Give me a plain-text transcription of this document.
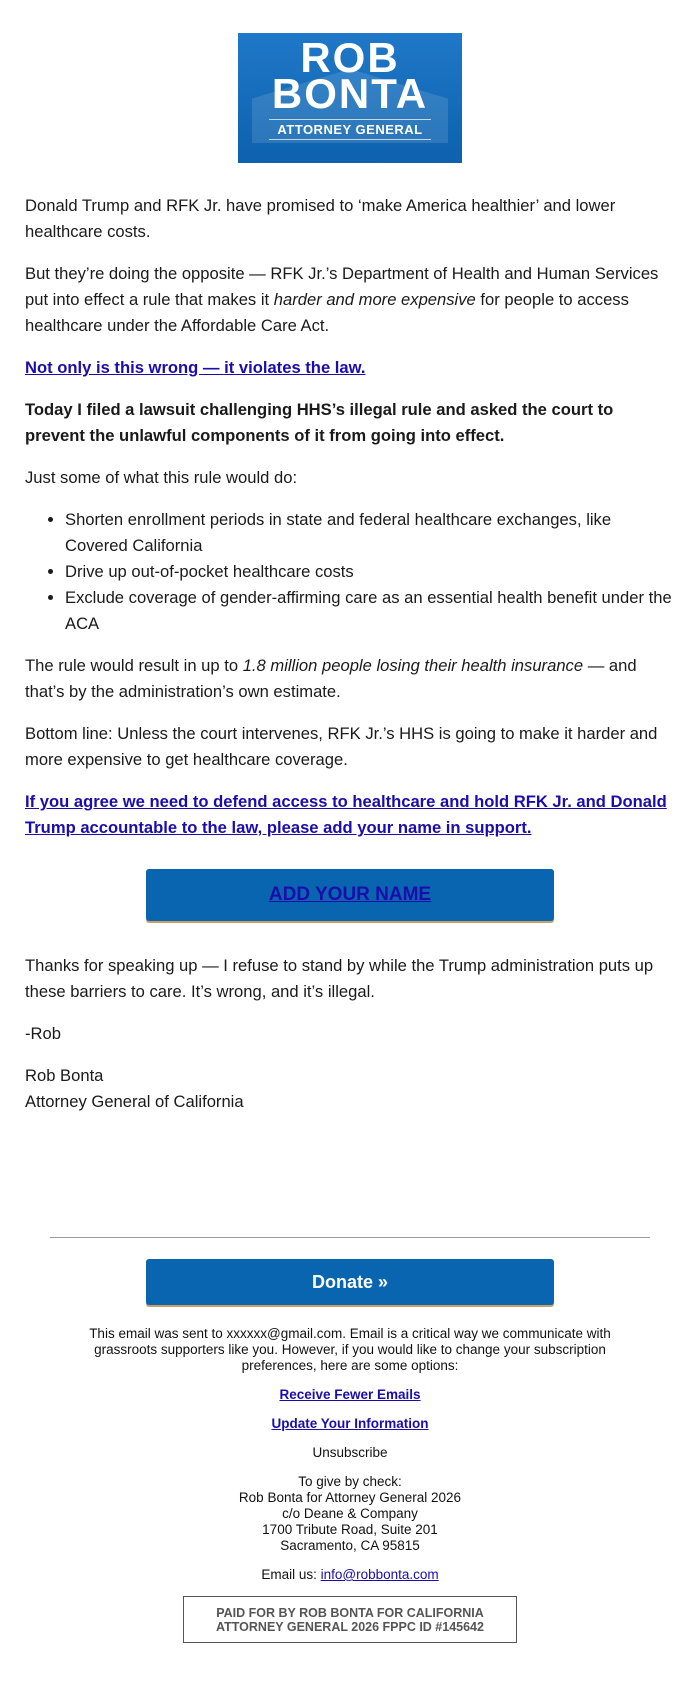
ROB
BONTA
ATTORNEY GENERAL

Donald Trump and RFK Jr. have promised to ‘make America healthier’ and lower healthcare costs.

But they’re doing the opposite — RFK Jr.’s Department of Health and Human Services put into effect a rule that makes it harder and more expensive for people to access healthcare under the Affordable Care Act.

Not only is this wrong — it violates the law.

Today I filed a lawsuit challenging HHS’s illegal rule and asked the court to prevent the unlawful components of it from going into effect.

Just some of what this rule would do:

• Shorten enrollment periods in state and federal healthcare exchanges, like Covered California
• Drive up out-of-pocket healthcare costs
• Exclude coverage of gender-affirming care as an essential health benefit under the ACA

The rule would result in up to 1.8 million people losing their health insurance — and that’s by the administration’s own estimate.

Bottom line: Unless the court intervenes, RFK Jr.’s HHS is going to make it harder and more expensive to get healthcare coverage.

If you agree we need to defend access to healthcare and hold RFK Jr. and Donald Trump accountable to the law, please add your name in support.

ADD YOUR NAME

Thanks for speaking up — I refuse to stand by while the Trump administration puts up these barriers to care. It’s wrong, and it’s illegal.

-Rob

Rob Bonta
Attorney General of California

Donate »

This email was sent to xxxxxx@gmail.com. Email is a critical way we communicate with grassroots supporters like you. However, if you would like to change your subscription preferences, here are some options:

Receive Fewer Emails

Update Your Information

Unsubscribe

To give by check:
Rob Bonta for Attorney General 2026
c/o Deane & Company
1700 Tribute Road, Suite 201
Sacramento, CA 95815

Email us: info@robbonta.com

PAID FOR BY ROB BONTA FOR CALIFORNIA ATTORNEY GENERAL 2026 FPPC ID #145642
